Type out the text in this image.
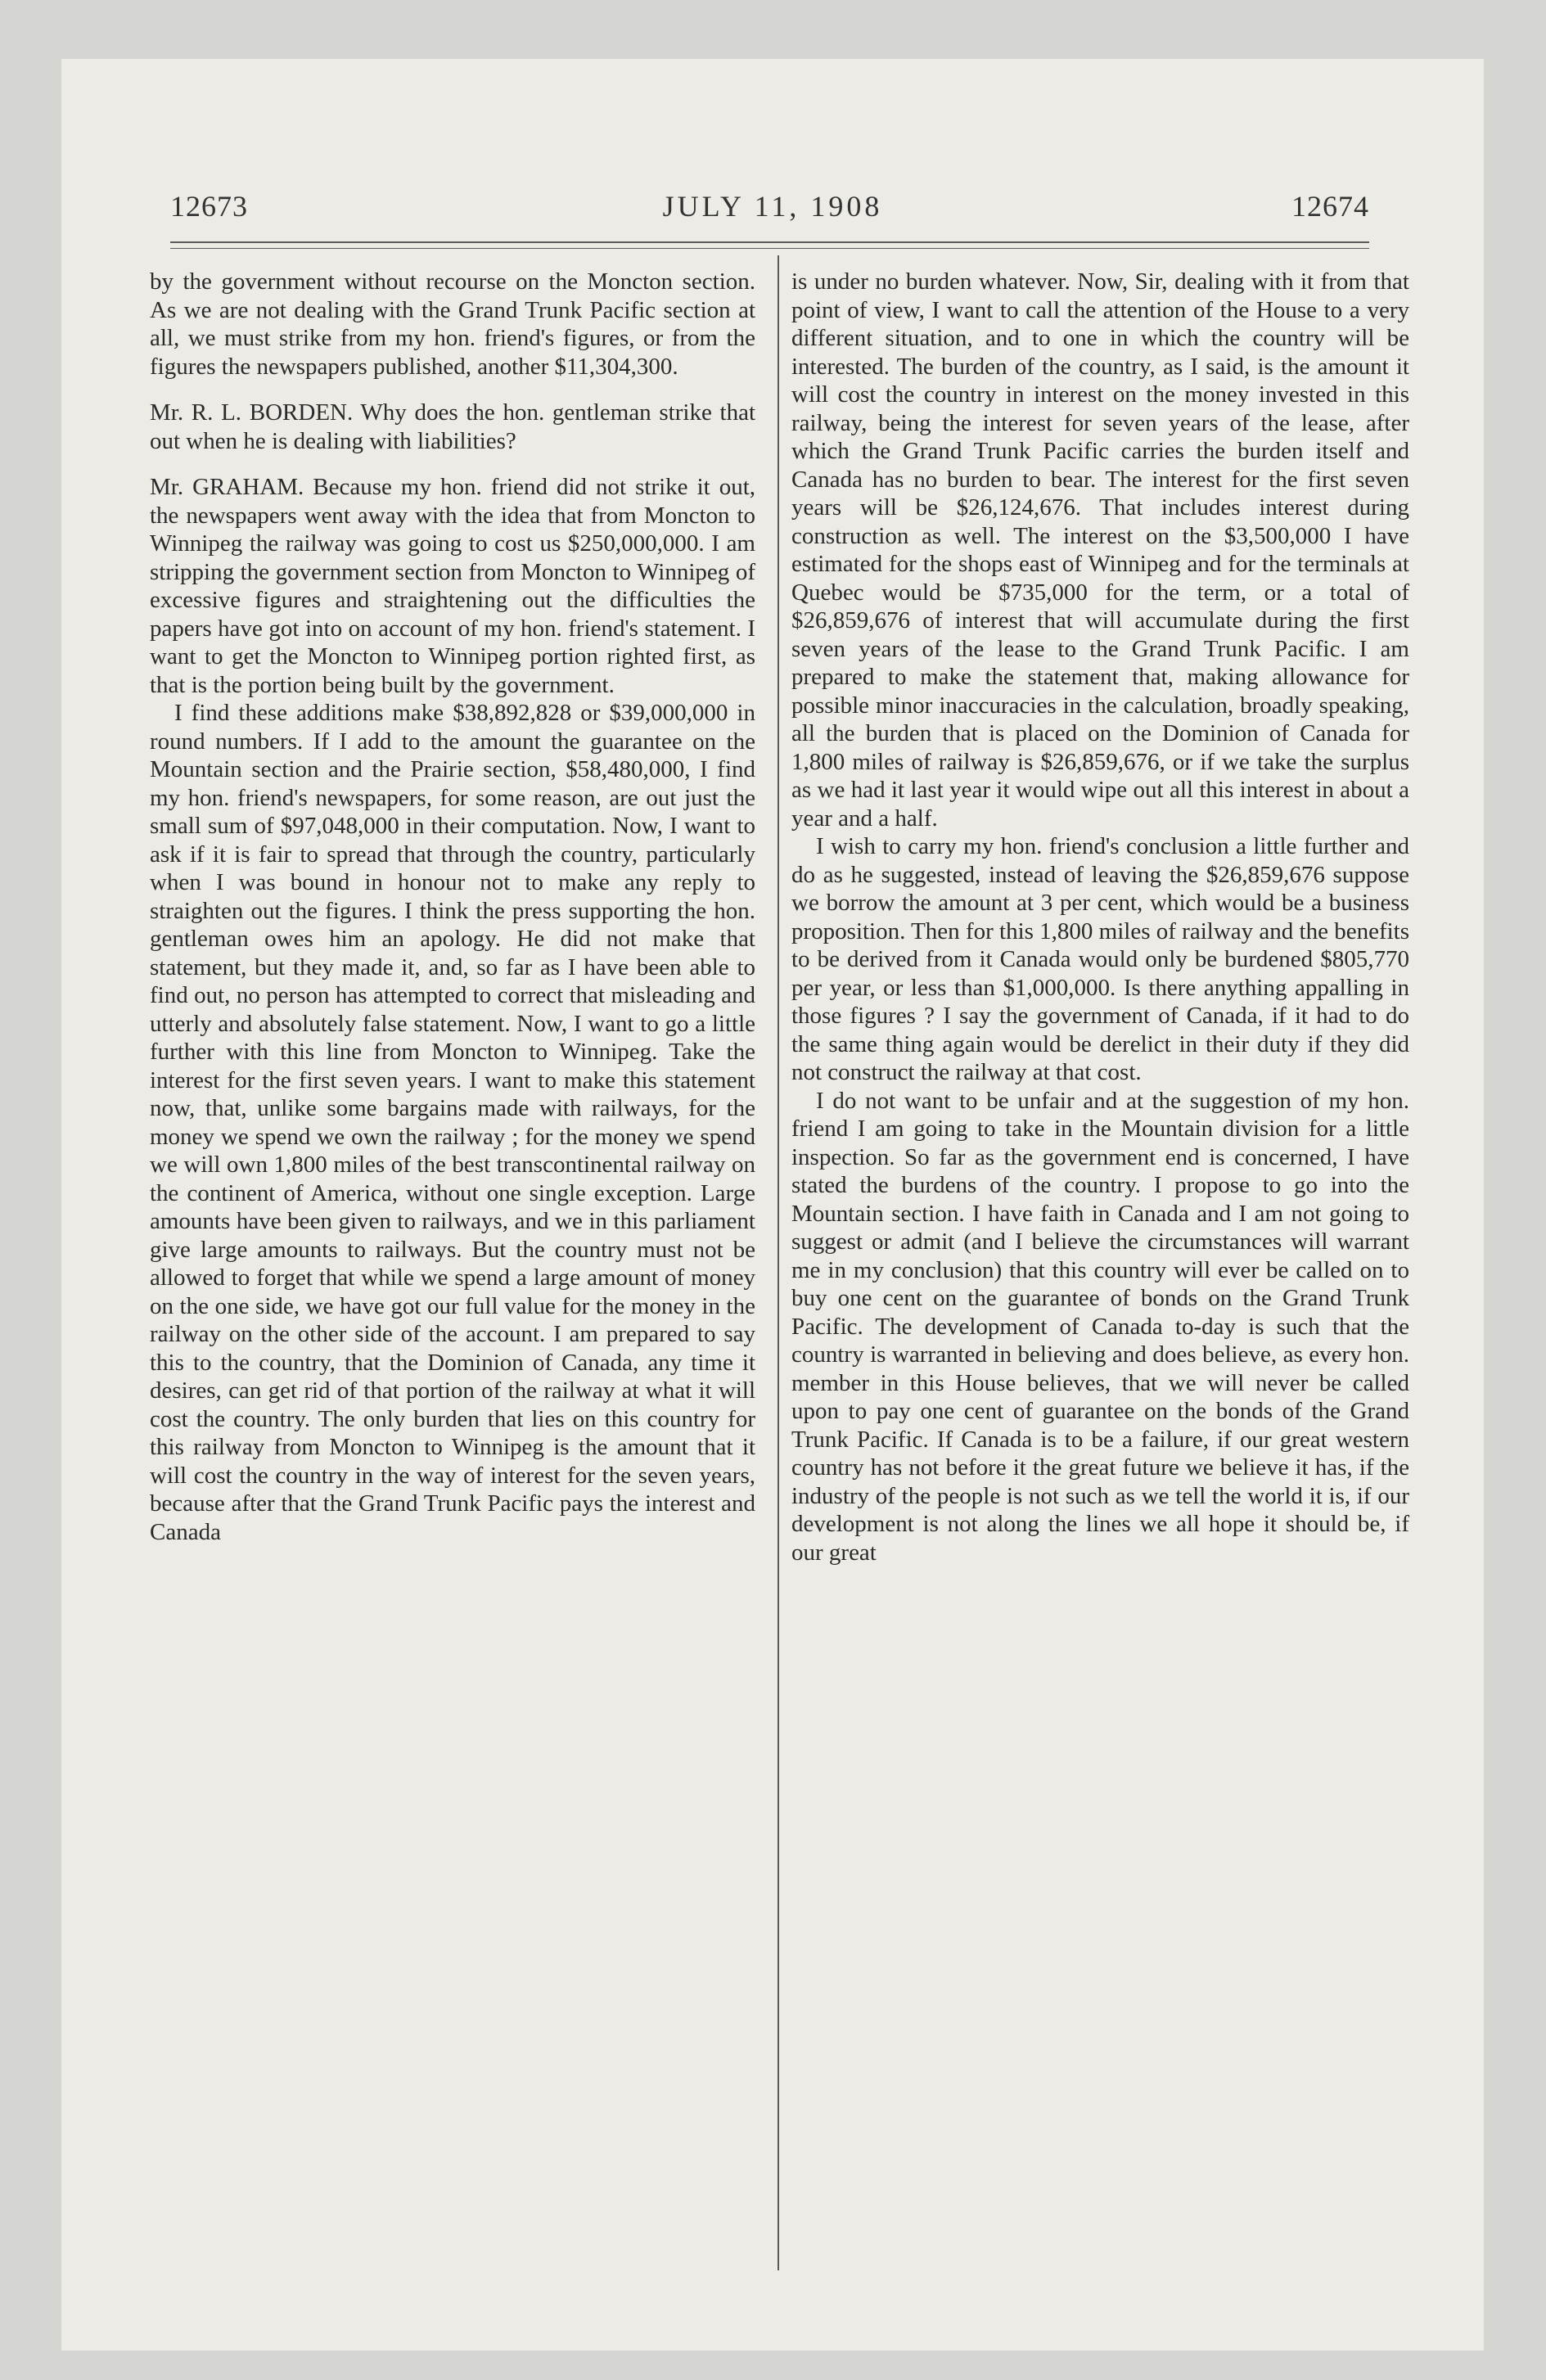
12673	JULY 11, 1908	12674

by the government without recourse on the Moncton section. As we are not dealing with the Grand Trunk Pacific section at all, we must strike from my hon. friend's figures, or from the figures the newspapers published, another $11,304,300.

Mr. R. L. BORDEN. Why does the hon. gentleman strike that out when he is dealing with liabilities?

Mr. GRAHAM. Because my hon. friend did not strike it out, the newspapers went away with the idea that from Moncton to Winnipeg the railway was going to cost us $250,000,000. I am stripping the government section from Moncton to Winnipeg of excessive figures and straightening out the difficulties the papers have got into on account of my hon. friend's statement. I want to get the Moncton to Winnipeg portion righted first, as that is the portion being built by the government.

I find these additions make $38,892,828 or $39,000,000 in round numbers. If I add to the amount the guarantee on the Mountain section and the Prairie section, $58,480,000, I find my hon. friend's newspapers, for some reason, are out just the small sum of $97,048,000 in their computation. Now, I want to ask if it is fair to spread that through the country, particularly when I was bound in honour not to make any reply to straighten out the figures. I think the press supporting the hon. gentleman owes him an apology. He did not make that statement, but they made it, and, so far as I have been able to find out, no person has attempted to correct that misleading and utterly and absolutely false statement. Now, I want to go a little further with this line from Moncton to Winnipeg. Take the interest for the first seven years. I want to make this statement now, that, unlike some bargains made with railways, for the money we spend we own the railway ; for the money we spend we will own 1,800 miles of the best transcontinental railway on the continent of America, without one single exception. Large amounts have been given to railways, and we in this parliament give large amounts to railways. But the country must not be allowed to forget that while we spend a large amount of money on the one side, we have got our full value for the money in the railway on the other side of the account. I am prepared to say this to the country, that the Dominion of Canada, any time it desires, can get rid of that portion of the railway at what it will cost the country. The only burden that lies on this country for this railway from Moncton to Winnipeg is the amount that it will cost the country in the way of interest for the seven years, because after that the Grand Trunk Pacific pays the interest and Canada

is under no burden whatever. Now, Sir, dealing with it from that point of view, I want to call the attention of the House to a very different situation, and to one in which the country will be interested. The burden of the country, as I said, is the amount it will cost the country in interest on the money invested in this railway, being the interest for seven years of the lease, after which the Grand Trunk Pacific carries the burden itself and Canada has no burden to bear. The interest for the first seven years will be $26,124,676. That includes interest during construction as well. The interest on the $3,500,000 I have estimated for the shops east of Winnipeg and for the terminals at Quebec would be $735,000 for the term, or a total of $26,859,676 of interest that will accumulate during the first seven years of the lease to the Grand Trunk Pacific. I am prepared to make the statement that, making allowance for possible minor inaccuracies in the calculation, broadly speaking, all the burden that is placed on the Dominion of Canada for 1,800 miles of railway is $26,859,676, or if we take the surplus as we had it last year it would wipe out all this interest in about a year and a half.

I wish to carry my hon. friend's conclusion a little further and do as he suggested, instead of leaving the $26,859,676 suppose we borrow the amount at 3 per cent, which would be a business proposition. Then for this 1,800 miles of railway and the benefits to be derived from it Canada would only be burdened $805,770 per year, or less than $1,000,000. Is there anything appalling in those figures ? I say the government of Canada, if it had to do the same thing again would be derelict in their duty if they did not construct the railway at that cost.

I do not want to be unfair and at the suggestion of my hon. friend I am going to take in the Mountain division for a little inspection. So far as the government end is concerned, I have stated the burdens of the country. I propose to go into the Mountain section. I have faith in Canada and I am not going to suggest or admit (and I believe the circumstances will warrant me in my conclusion) that this country will ever be called on to buy one cent on the guarantee of bonds on the Grand Trunk Pacific. The development of Canada to-day is such that the country is warranted in believing and does believe, as every hon. member in this House believes, that we will never be called upon to pay one cent of guarantee on the bonds of the Grand Trunk Pacific. If Canada is to be a failure, if our great western country has not before it the great future we believe it has, if the industry of the people is not such as we tell the world it is, if our development is not along the lines we all hope it should be, if our great
